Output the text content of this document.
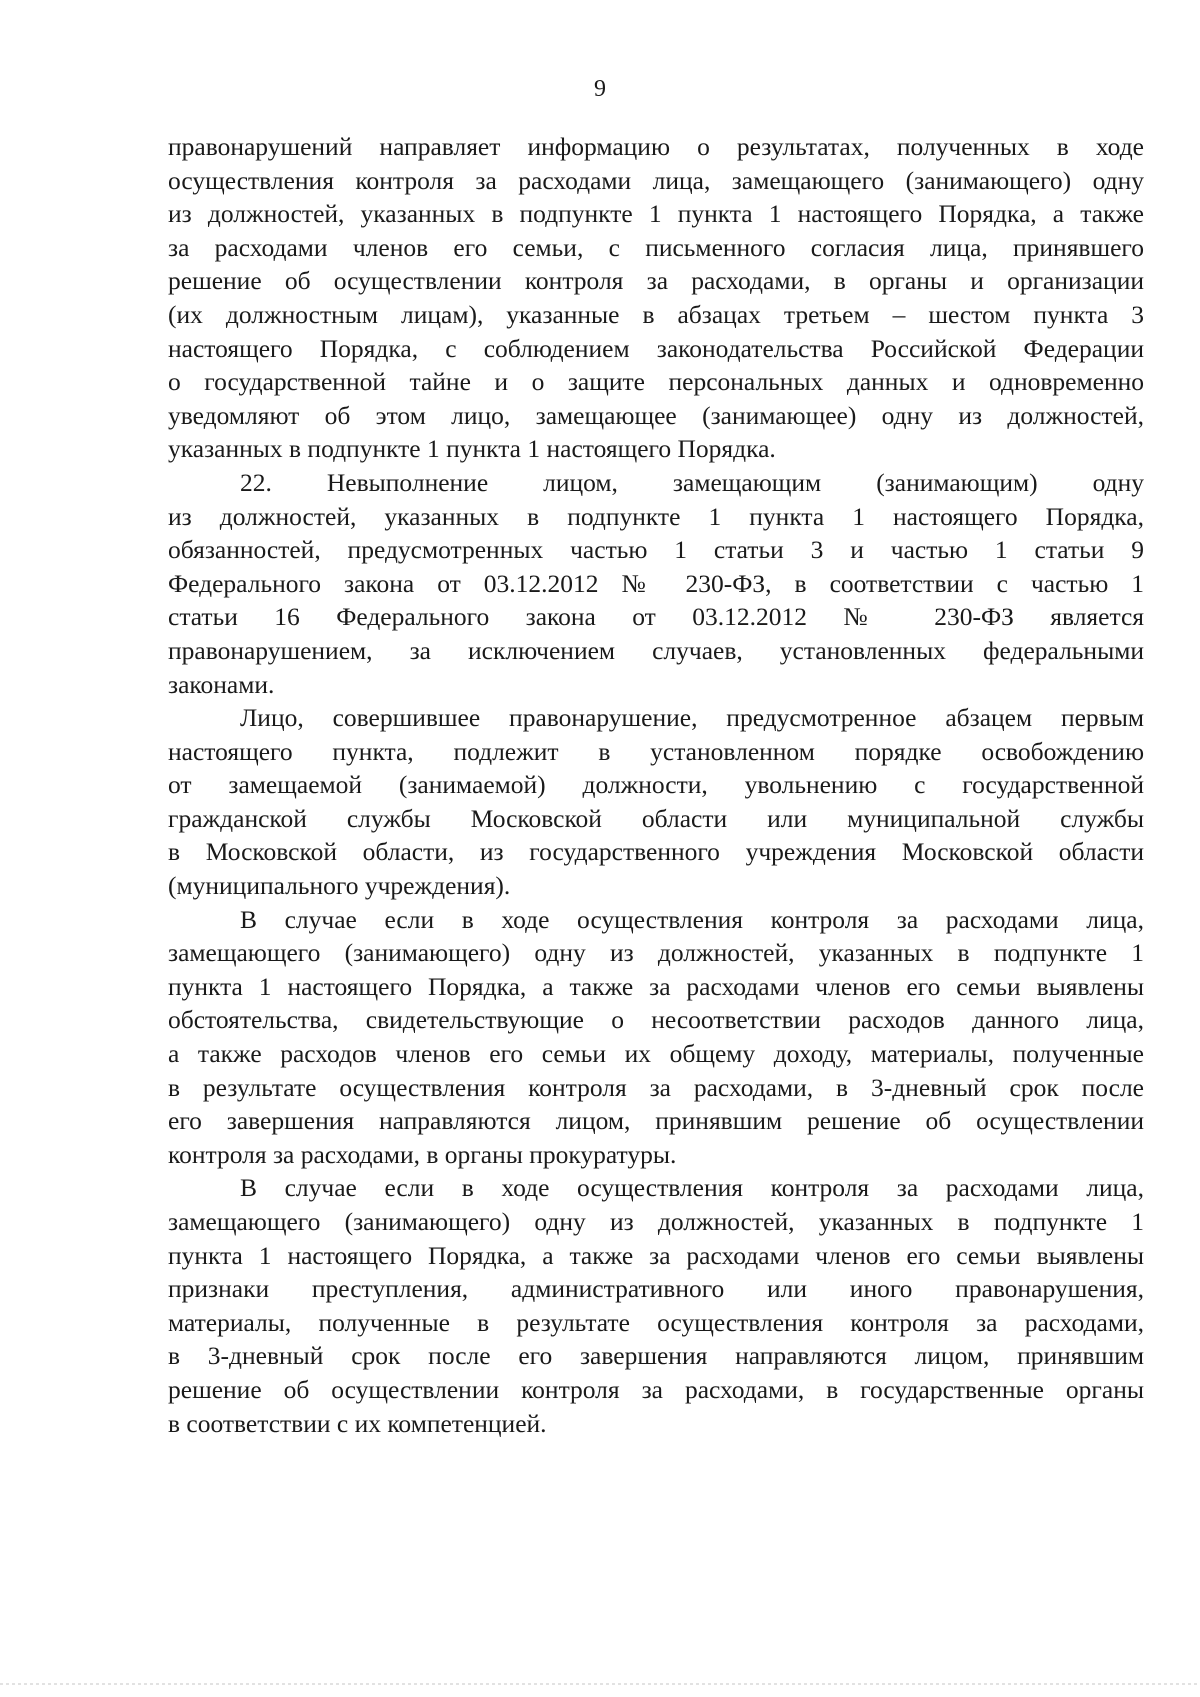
9
правонарушений направляет информацию о результатах, полученных в ходе
осуществления контроля за расходами лица, замещающего (занимающего) одну
из должностей, указанных в подпункте 1 пункта 1 настоящего Порядка, а также
за расходами членов его семьи, с письменного согласия лица, принявшего
решение об осуществлении контроля за расходами, в органы и организации
(их должностным лицам), указанные в абзацах третьем – шестом пункта 3
настоящего Порядка, с соблюдением законодательства Российской Федерации
о государственной тайне и о защите персональных данных и одновременно
уведомляют об этом лицо, замещающее (занимающее) одну из должностей,
указанных в подпункте 1 пункта 1 настоящего Порядка.
22. Невыполнение лицом, замещающим (занимающим) одну
из должностей, указанных в подпункте 1 пункта 1 настоящего Порядка,
обязанностей, предусмотренных частью 1 статьи 3 и частью 1 статьи 9
Федерального закона от 03.12.2012 № 230-ФЗ, в соответствии с частью 1
статьи 16 Федерального закона от 03.12.2012 № 230-ФЗ является
правонарушением, за исключением случаев, установленных федеральными
законами.
Лицо, совершившее правонарушение, предусмотренное абзацем первым
настоящего пункта, подлежит в установленном порядке освобождению
от замещаемой (занимаемой) должности, увольнению с государственной
гражданской службы Московской области или муниципальной службы
в Московской области, из государственного учреждения Московской области
(муниципального учреждения).
В случае если в ходе осуществления контроля за расходами лица,
замещающего (занимающего) одну из должностей, указанных в подпункте 1
пункта 1 настоящего Порядка, а также за расходами членов его семьи выявлены
обстоятельства, свидетельствующие о несоответствии расходов данного лица,
а также расходов членов его семьи их общему доходу, материалы, полученные
в результате осуществления контроля за расходами, в 3-дневный срок после
его завершения направляются лицом, принявшим решение об осуществлении
контроля за расходами, в органы прокуратуры.
В случае если в ходе осуществления контроля за расходами лица,
замещающего (занимающего) одну из должностей, указанных в подпункте 1
пункта 1 настоящего Порядка, а также за расходами членов его семьи выявлены
признаки преступления, административного или иного правонарушения,
материалы, полученные в результате осуществления контроля за расходами,
в 3-дневный срок после его завершения направляются лицом, принявшим
решение об осуществлении контроля за расходами, в государственные органы
в соответствии с их компетенцией.
